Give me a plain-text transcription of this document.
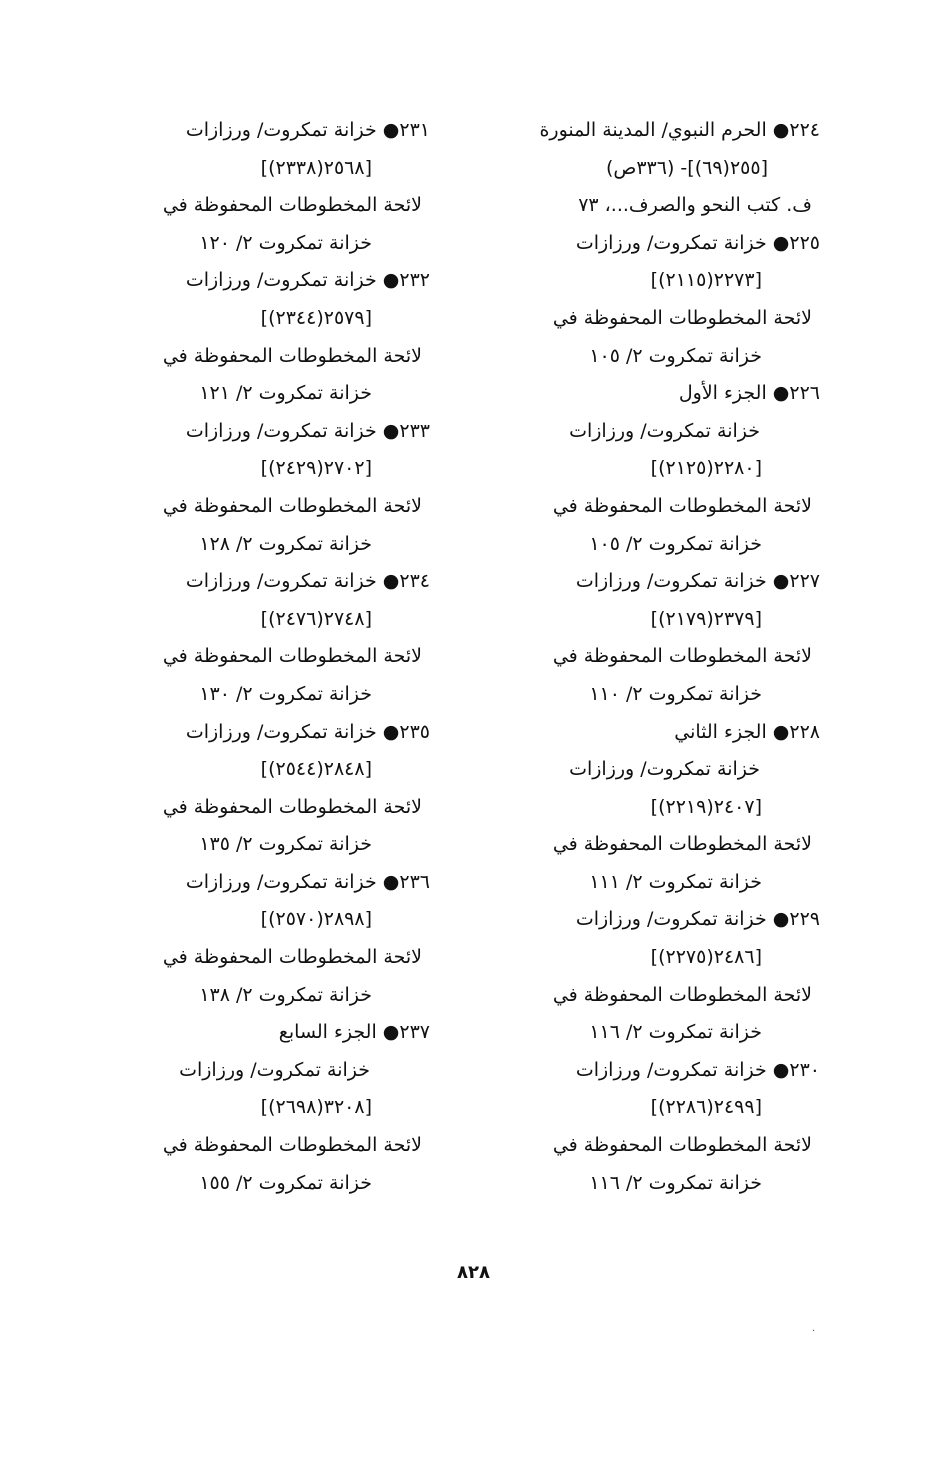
٢٢٤● الحرم النبوي/ المدينة المنورة
[٢٥٥(٦٩)]- (٣٣٦ص)
ف. كتب النحو والصرف...، ٧٣
٢٢٥● خزانة تمكروت/ ورزازات
[٢٢٧٣(٢١١٥)]
لائحة المخطوطات المحفوظة في
خزانة تمكروت ٢/ ١٠٥
٢٢٦● الجزء الأول
خزانة تمكروت/ ورزازات
[٢٢٨٠(٢١٢٥)]
لائحة المخطوطات المحفوظة في
خزانة تمكروت ٢/ ١٠٥
٢٢٧● خزانة تمكروت/ ورزازات
[٢٣٧٩(٢١٧٩)]
لائحة المخطوطات المحفوظة في
خزانة تمكروت ٢/ ١١٠
٢٢٨● الجزء الثاني
خزانة تمكروت/ ورزازات
[٢٤٠٧(٢٢١٩)]
لائحة المخطوطات المحفوظة في
خزانة تمكروت ٢/ ١١١
٢٢٩● خزانة تمكروت/ ورزازات
[٢٤٨٦(٢٢٧٥)]
لائحة المخطوطات المحفوظة في
خزانة تمكروت ٢/ ١١٦
٢٣٠● خزانة تمكروت/ ورزازات
[٢٤٩٩(٢٢٨٦)]
لائحة المخطوطات المحفوظة في
خزانة تمكروت ٢/ ١١٦
٢٣١● خزانة تمكروت/ ورزازات
[٢٥٦٨(٢٣٣٨)]
لائحة المخطوطات المحفوظة في
خزانة تمكروت ٢/ ١٢٠
٢٣٢● خزانة تمكروت/ ورزازات
[٢٥٧٩(٢٣٤٤)]
لائحة المخطوطات المحفوظة في
خزانة تمكروت ٢/ ١٢١
٢٣٣● خزانة تمكروت/ ورزازات
[٢٧٠٢(٢٤٢٩)]
لائحة المخطوطات المحفوظة في
خزانة تمكروت ٢/ ١٢٨
٢٣٤● خزانة تمكروت/ ورزازات
[٢٧٤٨(٢٤٧٦)]
لائحة المخطوطات المحفوظة في
خزانة تمكروت ٢/ ١٣٠
٢٣٥● خزانة تمكروت/ ورزازات
[٢٨٤٨(٢٥٤٤)]
لائحة المخطوطات المحفوظة في
خزانة تمكروت ٢/ ١٣٥
٢٣٦● خزانة تمكروت/ ورزازات
[٢٨٩٨(٢٥٧٠)]
لائحة المخطوطات المحفوظة في
خزانة تمكروت ٢/ ١٣٨
٢٣٧● الجزء السابع
خزانة تمكروت/ ورزازات
[٣٢٠٨(٢٦٩٨)]
لائحة المخطوطات المحفوظة في
خزانة تمكروت ٢/ ١٥٥
٨٢٨
·
